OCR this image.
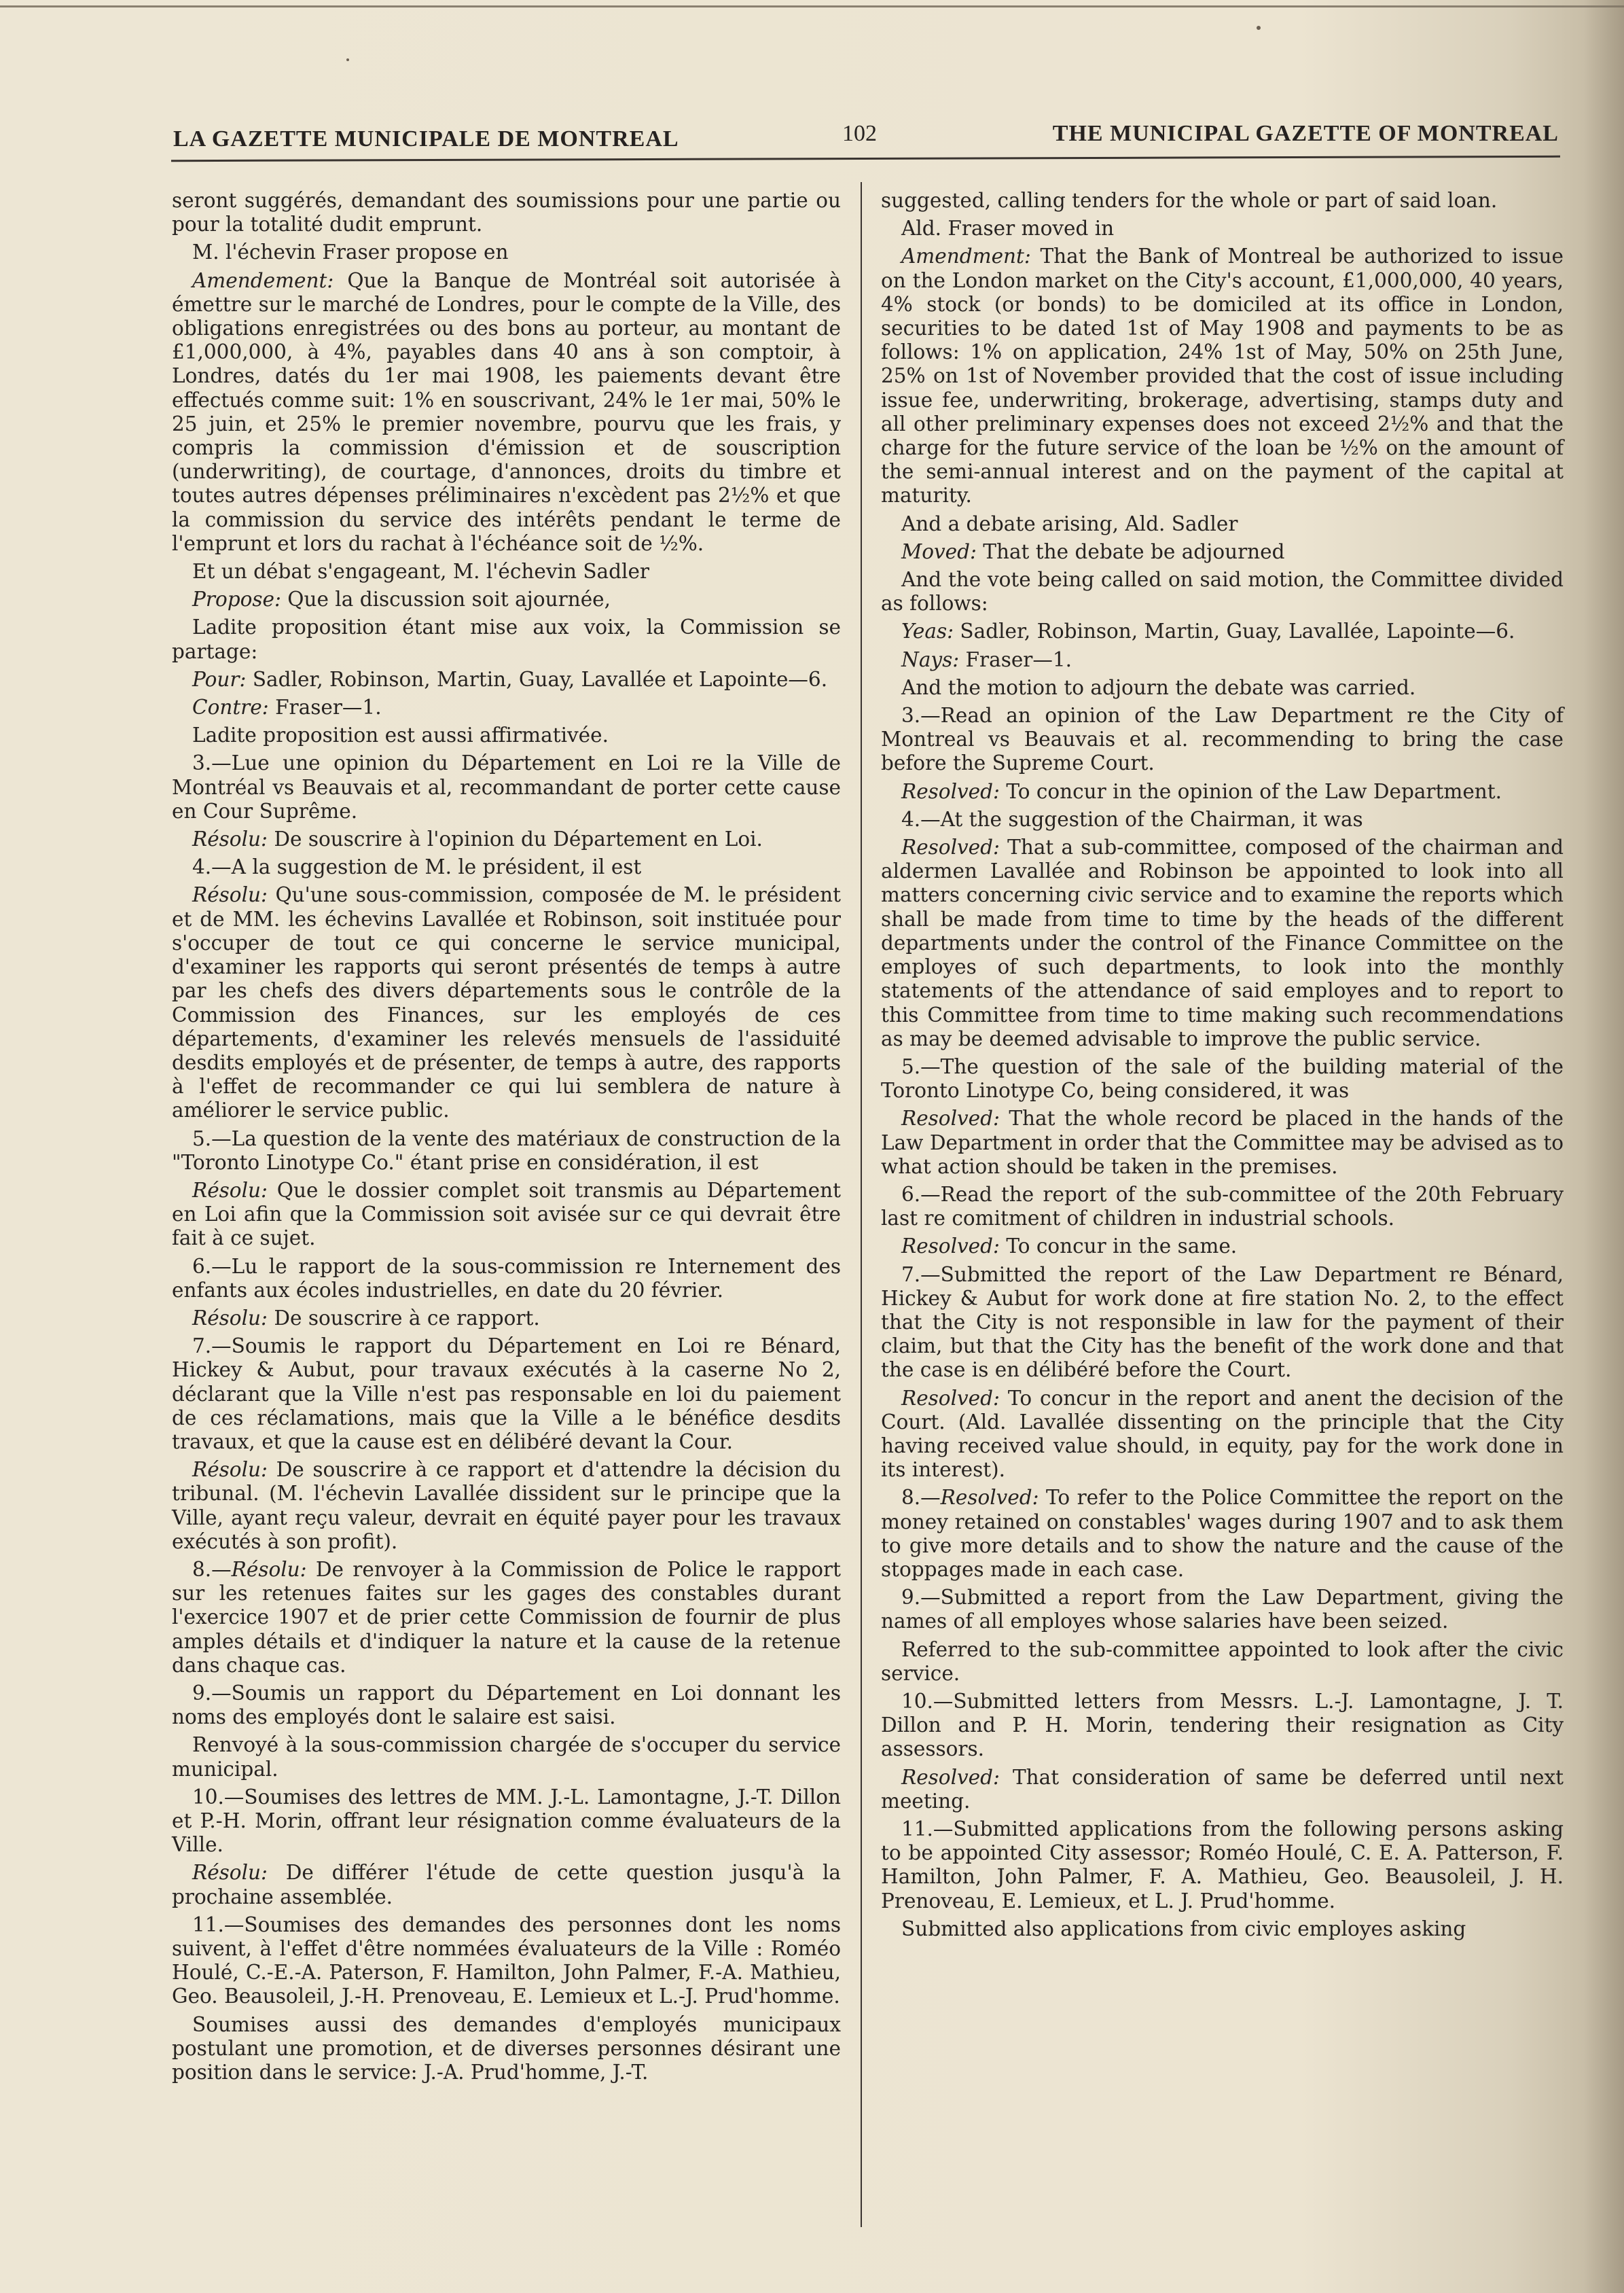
LA GAZETTE MUNICIPALE DE MONTREAL	102	THE MUNICIPAL GAZETTE OF MONTREAL

seront suggérés, demandant des soumissions pour une partie ou pour la totalité dudit emprunt.

M. l'échevin Fraser propose en

Amendement: Que la Banque de Montréal soit autorisée à émettre sur le marché de Londres, pour le compte de la Ville, des obligations enregistrées ou des bons au porteur, au montant de £1,000,000, à 4%, payables dans 40 ans à son comptoir, à Londres, datés du 1er mai 1908, les paiements devant être effectués comme suit: 1% en souscrivant, 24% le 1er mai, 50% le 25 juin, et 25% le premier novembre, pourvu que les frais, y compris la commission d'émission et de souscription (underwriting), de courtage, d'annonces, droits du timbre et toutes autres dépenses préliminaires n'excèdent pas 2½% et que la commission du service des intérêts pendant le terme de l'emprunt et lors du rachat à l'échéance soit de ½%.

Et un débat s'engageant, M. l'échevin Sadler

Propose: Que la discussion soit ajournée,

Ladite proposition étant mise aux voix, la Commission se partage:

Pour: Sadler, Robinson, Martin, Guay, Lavallée et Lapointe—6.

Contre: Fraser—1.

Ladite proposition est aussi affirmativée.

3.—Lue une opinion du Département en Loi re la Ville de Montréal vs Beauvais et al, recommandant de porter cette cause en Cour Suprême.

Résolu: De souscrire à l'opinion du Département en Loi.

4.—A la suggestion de M. le président, il est

Résolu: Qu'une sous-commission, composée de M. le président et de MM. les échevins Lavallée et Robinson, soit instituée pour s'occuper de tout ce qui concerne le service municipal, d'examiner les rapports qui seront présentés de temps à autre par les chefs des divers départements sous le contrôle de la Commission des Finances, sur les employés de ces départements, d'examiner les relevés mensuels de l'assiduité desdits employés et de présenter, de temps à autre, des rapports à l'effet de recommander ce qui lui semblera de nature à améliorer le service public.

5.—La question de la vente des matériaux de construction de la "Toronto Linotype Co." étant prise en considération, il est

Résolu: Que le dossier complet soit transmis au Département en Loi afin que la Commission soit avisée sur ce qui devrait être fait à ce sujet.

6.—Lu le rapport de la sous-commission re Internement des enfants aux écoles industrielles, en date du 20 février.

Résolu: De souscrire à ce rapport.

7.—Soumis le rapport du Département en Loi re Bénard, Hickey & Aubut, pour travaux exécutés à la caserne No 2, déclarant que la Ville n'est pas responsable en loi du paiement de ces réclamations, mais que la Ville a le bénéfice desdits travaux, et que la cause est en délibéré devant la Cour.

Résolu: De souscrire à ce rapport et d'attendre la décision du tribunal. (M. l'échevin Lavallée dissident sur le principe que la Ville, ayant reçu valeur, devrait en équité payer pour les travaux exécutés à son profit).

8.—Résolu: De renvoyer à la Commission de Police le rapport sur les retenues faites sur les gages des constables durant l'exercice 1907 et de prier cette Commission de fournir de plus amples détails et d'indiquer la nature et la cause de la retenue dans chaque cas.

9.—Soumis un rapport du Département en Loi donnant les noms des employés dont le salaire est saisi.

Renvoyé à la sous-commission chargée de s'occuper du service municipal.

10.—Soumises des lettres de MM. J.-L. Lamontagne, J.-T. Dillon et P.-H. Morin, offrant leur résignation comme évaluateurs de la Ville.

Résolu: De différer l'étude de cette question jusqu'à la prochaine assemblée.

11.—Soumises des demandes des personnes dont les noms suivent, à l'effet d'être nommées évaluateurs de la Ville : Roméo Houlé, C.-E.-A. Paterson, F. Hamilton, John Palmer, F.-A. Mathieu, Geo. Beausoleil, J.-H. Prenoveau, E. Lemieux et L.-J. Prud'homme.

Soumises aussi des demandes d'employés municipaux postulant une promotion, et de diverses personnes désirant une position dans le service: J.-A. Prud'homme, J.-T.

suggested, calling tenders for the whole or part of said loan.

Ald. Fraser moved in

Amendment: That the Bank of Montreal be authorized to issue on the London market on the City's account, £1,000,000, 40 years, 4% stock (or bonds) to be domiciled at its office in London, securities to be dated 1st of May 1908 and payments to be as follows: 1% on application, 24% 1st of May, 50% on 25th June, 25% on 1st of November provided that the cost of issue including issue fee, underwriting, brokerage, advertising, stamps duty and all other preliminary expenses does not exceed 2½% and that the charge for the future service of the loan be ½% on the amount of the semi-annual interest and on the payment of the capital at maturity.

And a debate arising, Ald. Sadler

Moved: That the debate be adjourned

And the vote being called on said motion, the Committee divided as follows:

Yeas: Sadler, Robinson, Martin, Guay, Lavallée, Lapointe—6.

Nays: Fraser—1.

And the motion to adjourn the debate was carried.

3.—Read an opinion of the Law Department re the City of Montreal vs Beauvais et al. recommending to bring the case before the Supreme Court.

Resolved: To concur in the opinion of the Law Department.

4.—At the suggestion of the Chairman, it was

Resolved: That a sub-committee, composed of the chairman and aldermen Lavallée and Robinson be appointed to look into all matters concerning civic service and to examine the reports which shall be made from time to time by the heads of the different departments under the control of the Finance Committee on the employes of such departments, to look into the monthly statements of the attendance of said employes and to report to this Committee from time to time making such recommendations as may be deemed advisable to improve the public service.

5.—The question of the sale of the building material of the Toronto Linotype Co, being considered, it was

Resolved: That the whole record be placed in the hands of the Law Department in order that the Committee may be advised as to what action should be taken in the premises.

6.—Read the report of the sub-committee of the 20th February last re comitment of children in industrial schools.

Resolved: To concur in the same.

7.—Submitted the report of the Law Department re Bénard, Hickey & Aubut for work done at fire station No. 2, to the effect that the City is not responsible in law for the payment of their claim, but that the City has the benefit of the work done and that the case is en délibéré before the Court.

Resolved: To concur in the report and anent the decision of the Court. (Ald. Lavallée dissenting on the principle that the City having received value should, in equity, pay for the work done in its interest).

8.—Resolved: To refer to the Police Committee the report on the money retained on constables' wages during 1907 and to ask them to give more details and to show the nature and the cause of the stoppages made in each case.

9.—Submitted a report from the Law Department, giving the names of all employes whose salaries have been seized.

Referred to the sub-committee appointed to look after the civic service.

10.—Submitted letters from Messrs. L.-J. Lamontagne, J. T. Dillon and P. H. Morin, tendering their resignation as City assessors.

Resolved: That consideration of same be deferred until next meeting.

11.—Submitted applications from the following persons asking to be appointed City assessor; Roméo Houlé, C. E. A. Patterson, F. Hamilton, John Palmer, F. A. Mathieu, Geo. Beausoleil, J. H. Prenoveau, E. Lemieux, et L. J. Prud'homme.

Submitted also applications from civic employes asking
